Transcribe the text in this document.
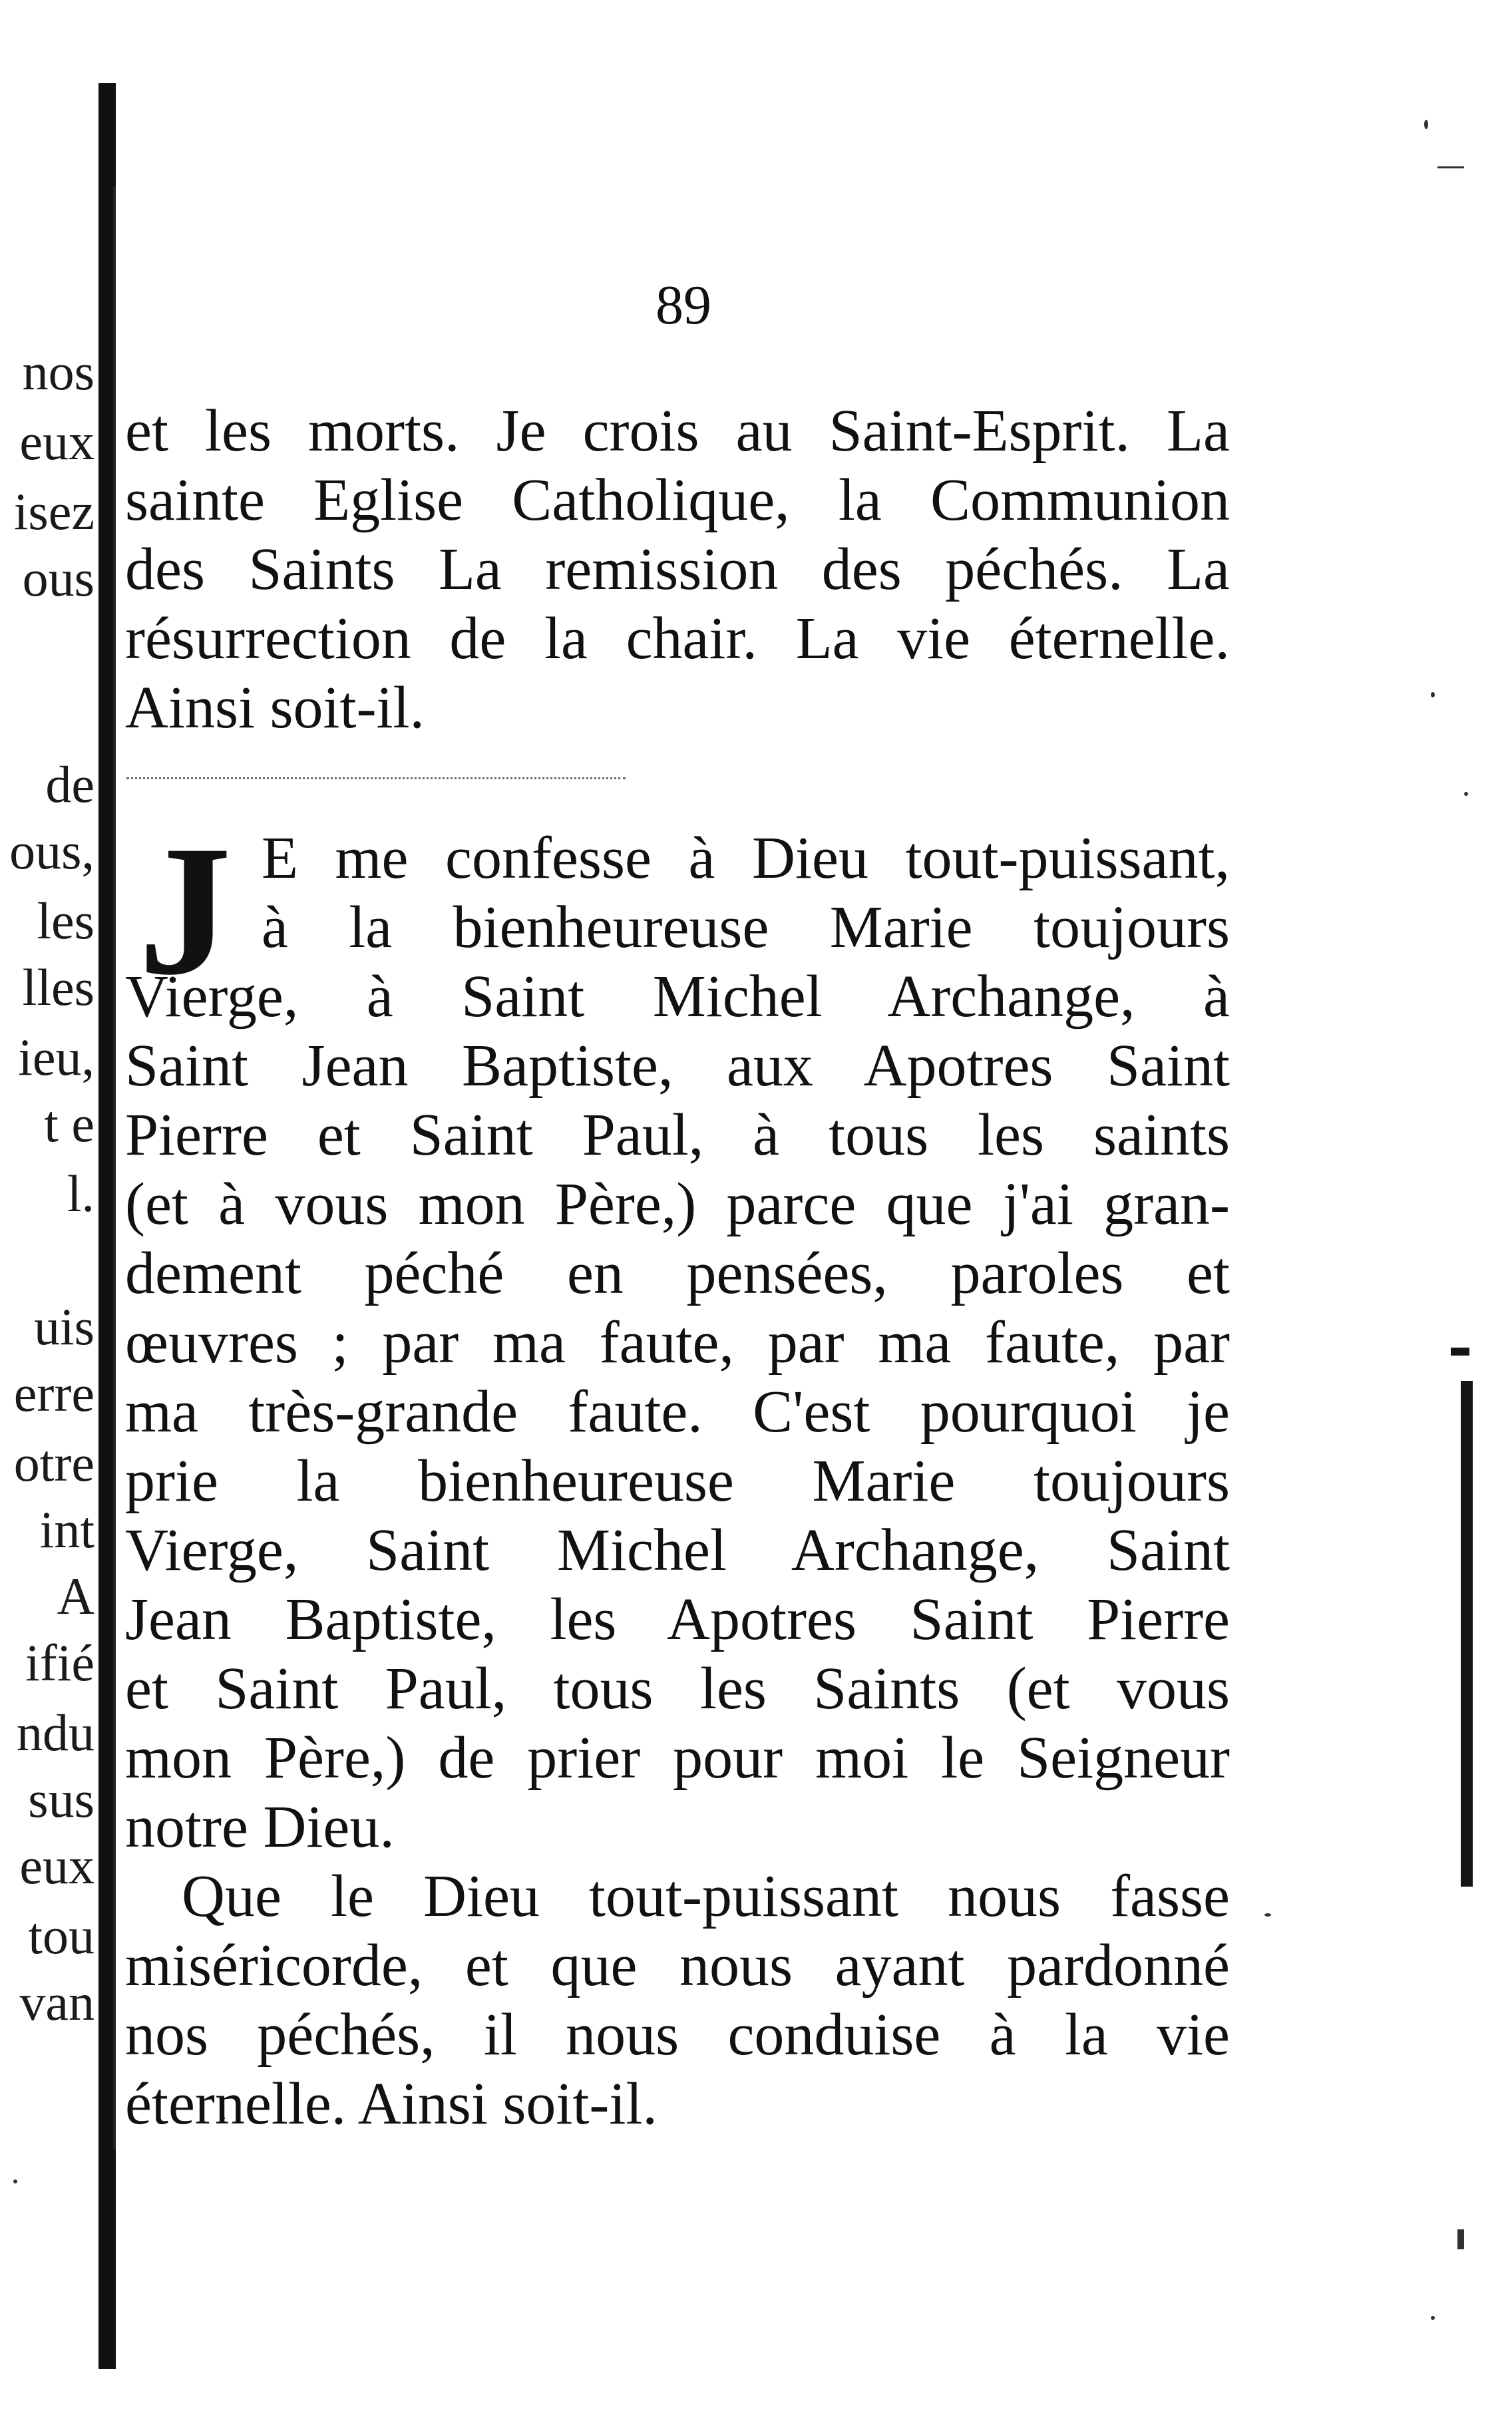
nos
eux
isez
ous
de
ous,
les
lles
ieu,
t e
l.
uis
erre
otre
int
A
ifié
ndu
sus
eux
tou
van
89
et les morts. Je crois au Saint-Esprit. La
sainte Eglise Catholique, la Communion
des Saints La remission des péchés. La
résurrection de la chair. La vie éternelle.
Ainsi soit-il.
J E me confesse à Dieu tout-puissant,
à la bienheureuse Marie toujours
Vierge, à Saint Michel Archange, à
Saint Jean Baptiste, aux Apotres Saint
Pierre et Saint Paul, à tous les saints
(et à vous mon Père,) parce que j'ai gran-
dement péché en pensées, paroles et
œuvres ; par ma faute, par ma faute, par
ma très-grande faute. C'est pourquoi je
prie la bienheureuse Marie toujours
Vierge, Saint Michel Archange, Saint
Jean Baptiste, les Apotres Saint Pierre
et Saint Paul, tous les Saints (et vous
mon Père,) de prier pour moi le Seigneur
notre Dieu.
Que le Dieu tout-puissant nous fasse
miséricorde, et que nous ayant pardonné
nos péchés, il nous conduise à la vie
éternelle. Ainsi soit-il.
